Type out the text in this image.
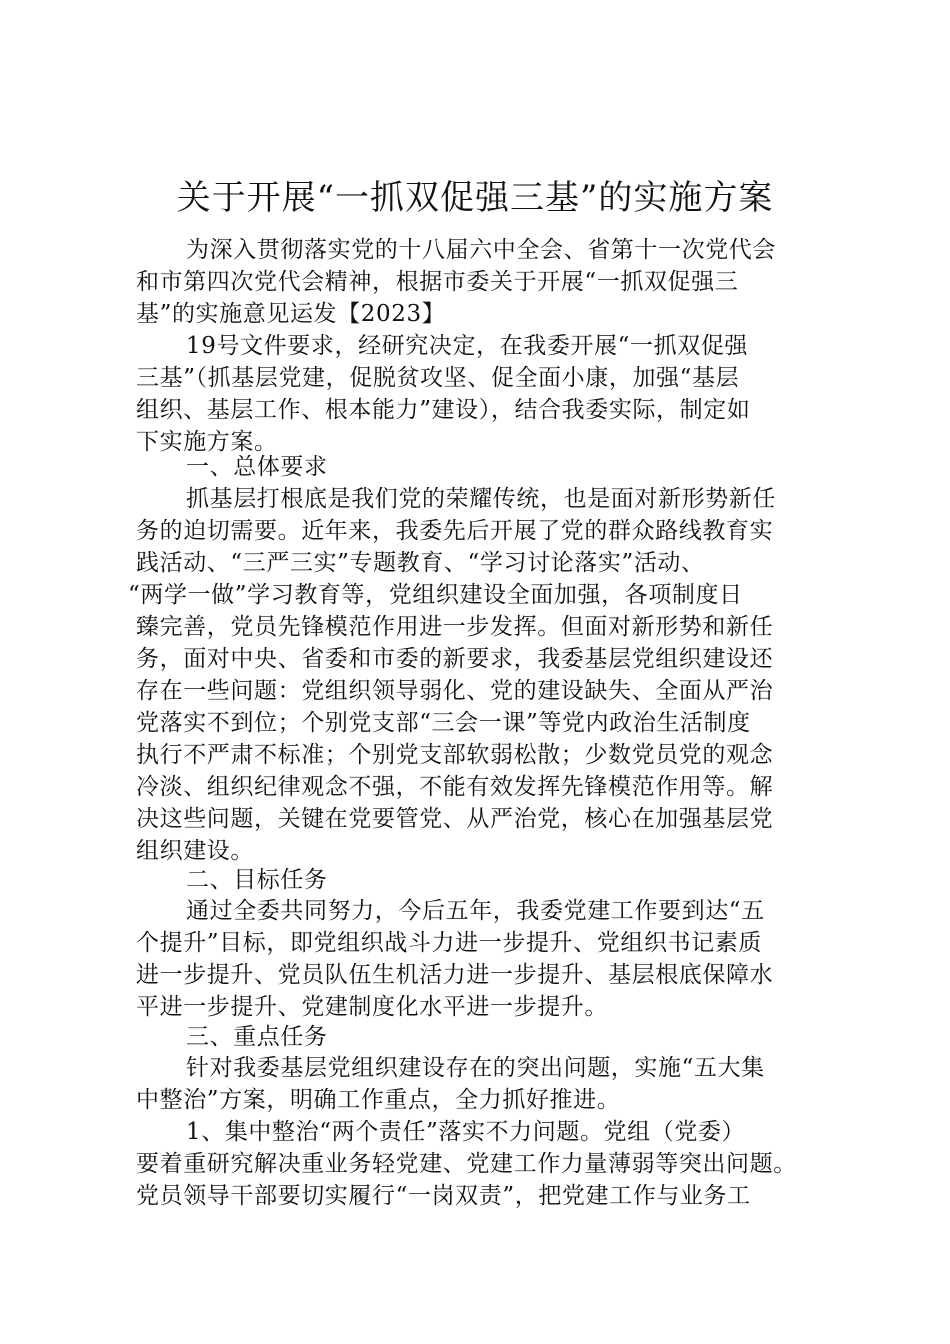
关于开展“一抓双促强三基”的实施方案
为深入贯彻落实党的十八届六中全会、省第十一次党代会
和市第四次党代会精神，根据市委关于开展“一抓双促强三
基”的实施意见运发【2023】
19号文件要求，经研究决定，在我委开展“一抓双促强
三基”（抓基层党建，促脱贫攻坚、促全面小康，加强“基层
组织、基层工作、根本能力”建设），结合我委实际，制定如
下实施方案。
一、总体要求
抓基层打根底是我们党的荣耀传统，也是面对新形势新任
务的迫切需要。近年来，我委先后开展了党的群众路线教育实
践活动、“三严三实”专题教育、“学习讨论落实”活动、
“两学一做”学习教育等，党组织建设全面加强，各项制度日
臻完善，党员先锋模范作用进一步发挥。但面对新形势和新任
务，面对中央、省委和市委的新要求，我委基层党组织建设还
存在一些问题：党组织领导弱化、党的建设缺失、全面从严治
党落实不到位；个别党支部“三会一课”等党内政治生活制度
执行不严肃不标准；个别党支部软弱松散；少数党员党的观念
冷淡、组织纪律观念不强，不能有效发挥先锋模范作用等。解
决这些问题，关键在党要管党、从严治党，核心在加强基层党
组织建设。
二、目标任务
通过全委共同努力，今后五年，我委党建工作要到达“五
个提升”目标，即党组织战斗力进一步提升、党组织书记素质
进一步提升、党员队伍生机活力进一步提升、基层根底保障水
平进一步提升、党建制度化水平进一步提升。
三、重点任务
针对我委基层党组织建设存在的突出问题，实施“五大集
中整治”方案，明确工作重点，全力抓好推进。
1、集中整治“两个责任”落实不力问题。党组（党委）
要着重研究解决重业务轻党建、党建工作力量薄弱等突出问题。
党员领导干部要切实履行“一岗双责”，把党建工作与业务工
